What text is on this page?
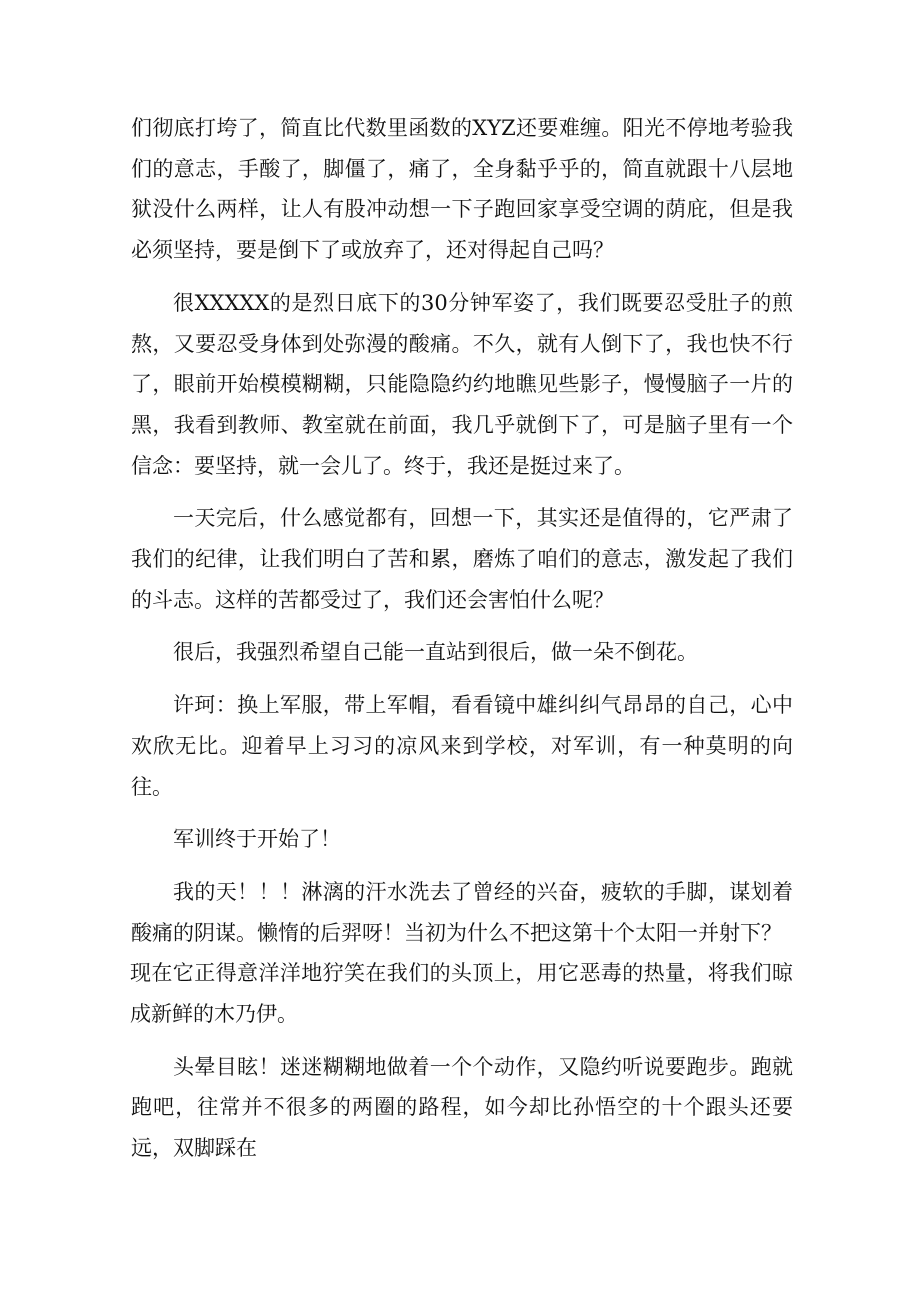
们彻底打垮了，简直比代数里函数的XYZ还要难缠。阳光不停地考验我们的意志，手酸了，脚僵了，痛了，全身黏乎乎的，简直就跟十八层地狱没什么两样，让人有股冲动想一下子跑回家享受空调的荫庇，但是我必须坚持，要是倒下了或放弃了，还对得起自己吗？

很XXXXX的是烈日底下的30分钟军姿了，我们既要忍受肚子的煎熬，又要忍受身体到处弥漫的酸痛。不久，就有人倒下了，我也快不行了，眼前开始模模糊糊，只能隐隐约约地瞧见些影子，慢慢脑子一片的黑，我看到教师、教室就在前面，我几乎就倒下了，可是脑子里有一个信念：要坚持，就一会儿了。终于，我还是挺过来了。

一天完后，什么感觉都有，回想一下，其实还是值得的，它严肃了我们的纪律，让我们明白了苦和累，磨炼了咱们的意志，激发起了我们的斗志。这样的苦都受过了，我们还会害怕什么呢？

很后，我强烈希望自己能一直站到很后，做一朵不倒花。

许珂：换上军服，带上军帽，看看镜中雄纠纠气昂昂的自己，心中欢欣无比。迎着早上习习的凉风来到学校，对军训，有一种莫明的向往。

军训终于开始了！

我的天！！！淋漓的汗水洗去了曾经的兴奋，疲软的手脚，谋划着酸痛的阴谋。懒惰的后羿呀！当初为什么不把这第十个太阳一并射下？

现在它正得意洋洋地狞笑在我们的头顶上，用它恶毒的热量，将我们晾成新鲜的木乃伊。

头晕目眩！迷迷糊糊地做着一个个动作，又隐约听说要跑步。跑就跑吧，往常并不很多的两圈的路程，如今却比孙悟空的十个跟头还要远，双脚踩在
